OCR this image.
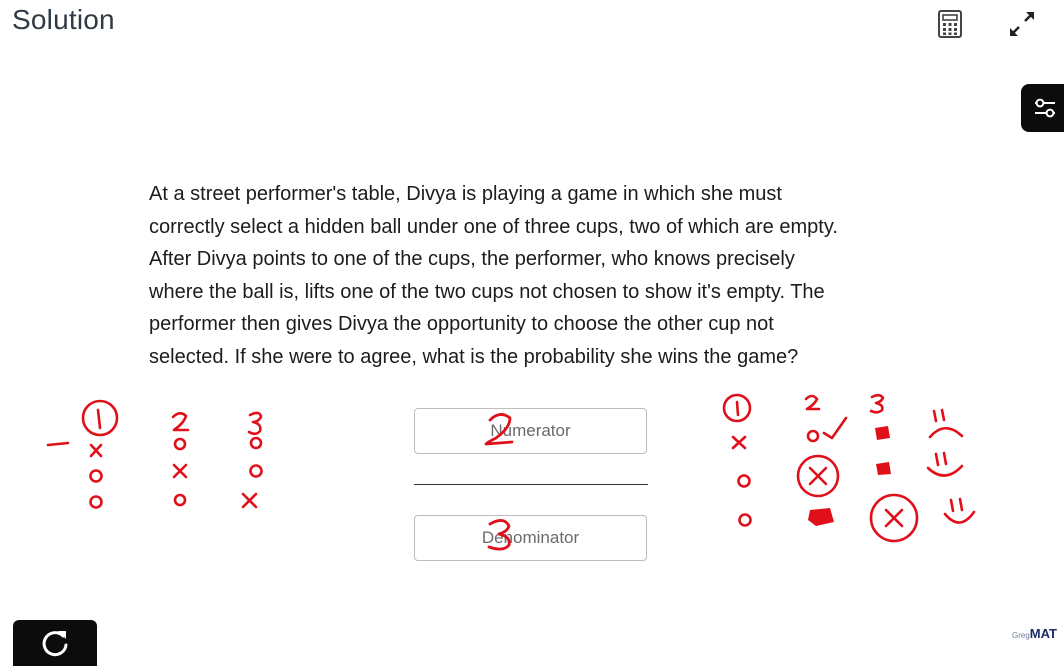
Solution

At a street performer's table, Divya is playing a game in which she must

correctly select a hidden ball under one of three cups, two of which are empty.

After Divya points to one of the cups, the performer, who knows precisely

where the ball is, lifts one of the two cups not chosen to show it's empty. The

performer then gives Divya the opportunity to choose the other cup not

selected. If she were to agree, what is the probability she wins the game?

Numerator
Denominator
GregMAT
